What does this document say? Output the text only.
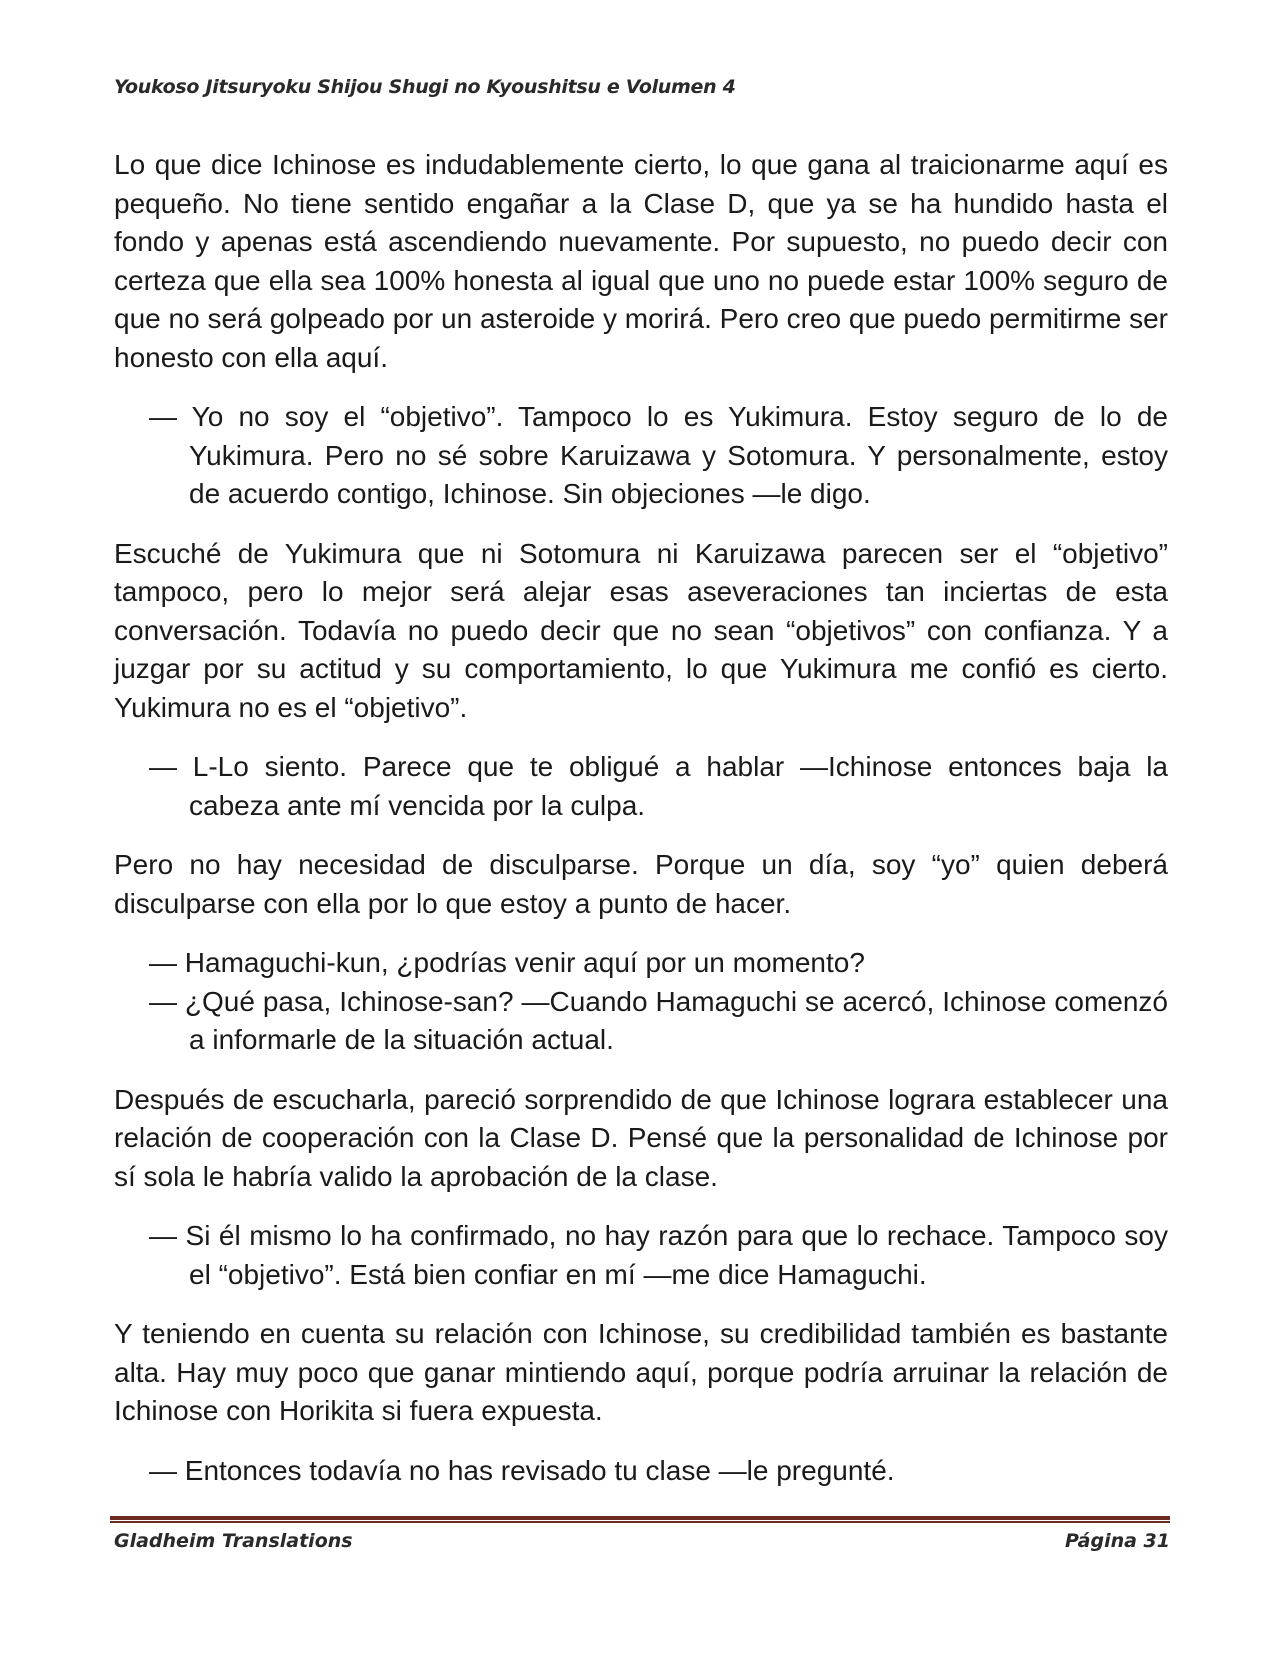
Youkoso Jitsuryoku Shijou Shugi no Kyoushitsu e Volumen 4

Lo que dice Ichinose es indudablemente cierto, lo que gana al traicionarme aquí es pequeño. No tiene sentido engañar a la Clase D, que ya se ha hundido hasta el fondo y apenas está ascendiendo nuevamente. Por supuesto, no puedo decir con certeza que ella sea 100% honesta al igual que uno no puede estar 100% seguro de que no será golpeado por un asteroide y morirá. Pero creo que puedo permitirme ser honesto con ella aquí.

— Yo no soy el “objetivo”. Tampoco lo es Yukimura. Estoy seguro de lo de Yukimura. Pero no sé sobre Karuizawa y Sotomura. Y personalmente, estoy de acuerdo contigo, Ichinose. Sin objeciones —le digo.

Escuché de Yukimura que ni Sotomura ni Karuizawa parecen ser el “objetivo” tampoco, pero lo mejor será alejar esas aseveraciones tan inciertas de esta conversación. Todavía no puedo decir que no sean “objetivos” con confianza. Y a juzgar por su actitud y su comportamiento, lo que Yukimura me confió es cierto. Yukimura no es el “objetivo”.

— L-Lo siento. Parece que te obligué a hablar —Ichinose entonces baja la cabeza ante mí vencida por la culpa.

Pero no hay necesidad de disculparse. Porque un día, soy “yo” quien deberá disculparse con ella por lo que estoy a punto de hacer.

— Hamaguchi-kun, ¿podrías venir aquí por un momento?

— ¿Qué pasa, Ichinose-san? —Cuando Hamaguchi se acercó, Ichinose comenzó a informarle de la situación actual.

Después de escucharla, pareció sorprendido de que Ichinose lograra establecer una relación de cooperación con la Clase D. Pensé que la personalidad de Ichinose por sí sola le habría valido la aprobación de la clase.

— Si él mismo lo ha confirmado, no hay razón para que lo rechace. Tampoco soy el “objetivo”. Está bien confiar en mí —me dice Hamaguchi.

Y teniendo en cuenta su relación con Ichinose, su credibilidad también es bastante alta. Hay muy poco que ganar mintiendo aquí, porque podría arruinar la relación de Ichinose con Horikita si fuera expuesta.

— Entonces todavía no has revisado tu clase —le pregunté.

Gladheim Translations	Página 31
